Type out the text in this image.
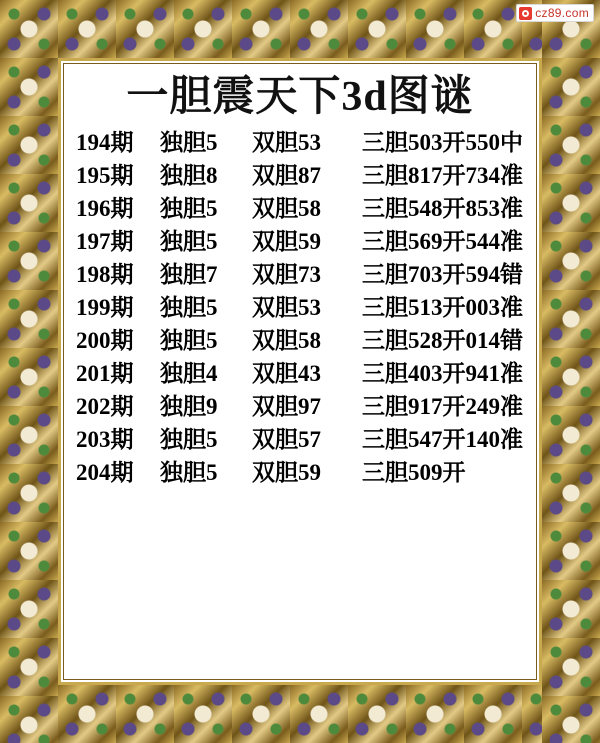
一胆震天下3d图谜
194期	独胆5	双胆53	三胆503开550中
195期	独胆8	双胆87	三胆817开734准
196期	独胆5	双胆58	三胆548开853准
197期	独胆5	双胆59	三胆569开544准
198期	独胆7	双胆73	三胆703开594错
199期	独胆5	双胆53	三胆513开003准
200期	独胆5	双胆58	三胆528开014错
201期	独胆4	双胆43	三胆403开941准
202期	独胆9	双胆97	三胆917开249准
203期	独胆5	双胆57	三胆547开140准
204期	独胆5	双胆59	三胆509开
cz89.com
